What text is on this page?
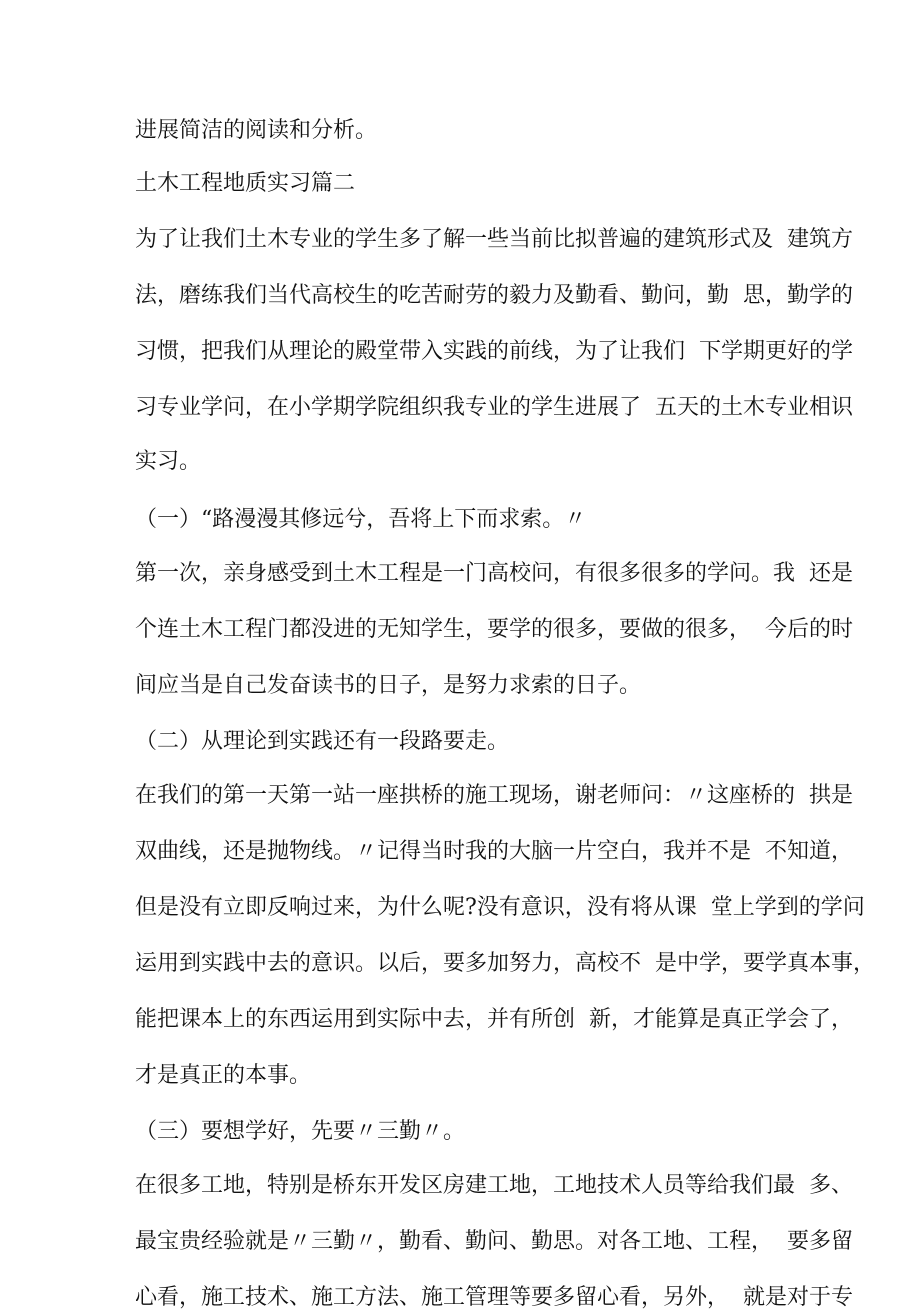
进展简洁的阅读和分析。

土木工程地质实习篇二

为了让我们土木专业的学生多了解一些当前比拟普遍的建筑形式及  建筑方

法，磨练我们当代高校生的吃苦耐劳的毅力及勤看、勤问，勤  思，勤学的

习惯，把我们从理论的殿堂带入实践的前线，为了让我们  下学期更好的学

习专业学问，在小学期学院组织我专业的学生进展了  五天的土木专业相识

实习。

（一）“路漫漫其修远兮，吾将上下而求索。〃

第一次，亲身感受到土木工程是一门高校问，有很多很多的学问。我  还是

个连土木工程门都没进的无知学生，要学的很多，要做的很多，  今后的时

间应当是自己发奋读书的日子，是努力求索的日子。

（二）从理论到实践还有一段路要走。

在我们的第一天第一站一座拱桥的施工现场，谢老师问：〃这座桥的  拱是

双曲线，还是抛物线。〃记得当时我的大脑一片空白，我并不是  不知道，

但是没有立即反响过来，为什么呢?没有意识，没有将从课  堂上学到的学问

运用到实践中去的意识。以后，要多加努力，高校不  是中学，要学真本事，

能把课本上的东西运用到实际中去，并有所创  新，才能算是真正学会了，

才是真正的本事。

（三）要想学好，先要〃三勤〃。

在很多工地，特别是桥东开发区房建工地，工地技术人员等给我们最  多、

最宝贵经验就是〃三勤〃，勤看、勤问、勤思。对各工地、工程，  要多留

心看，施工技术、施工方法、施工管理等要多留心看，另外，  就是对于专
